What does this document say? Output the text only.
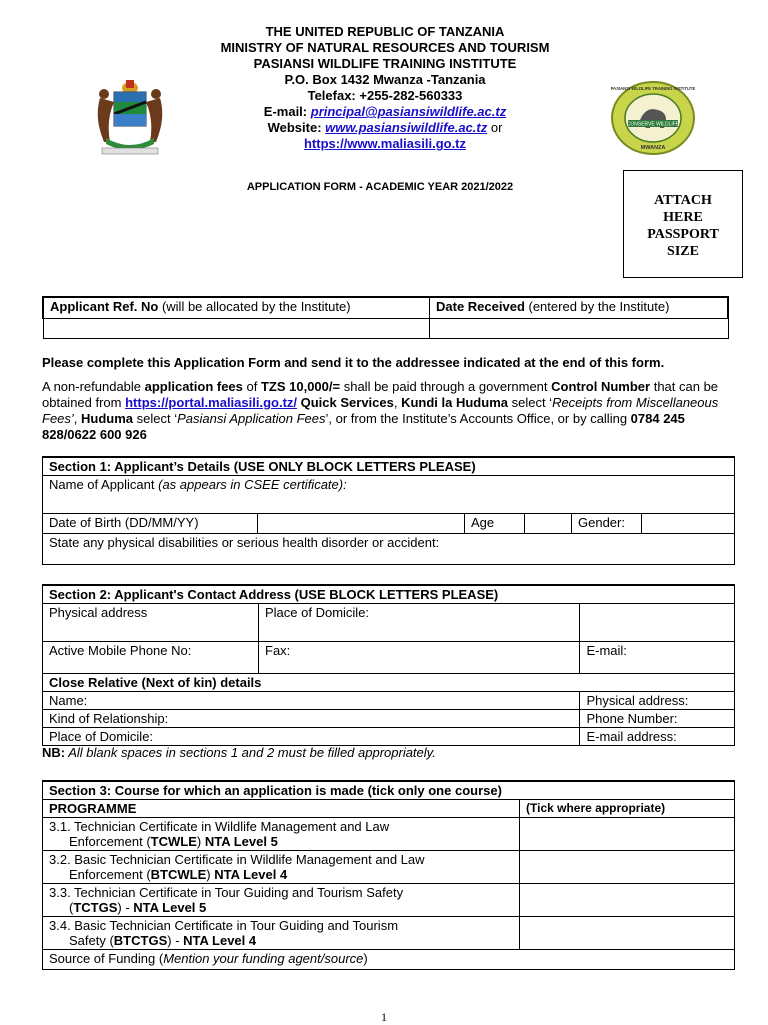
CONSERVE WILDLIFE
MWANZA
PASIANSI WILDLIFE TRAINING INSTITUTE
THE UNITED REPUBLIC OF TANZANIA
MINISTRY OF NATURAL RESOURCES AND TOURISM
PASIANSI WILDLIFE TRAINING INSTITUTE
P.O. Box 1432 Mwanza -Tanzania
Telefax: +255-282-560333
E-mail: principal@pasiansiwildlife.ac.tz
Website: www.pasiansiwildlife.ac.tz or
https://www.maliasili.go.tz
APPLICATION FORM - ACADEMIC YEAR 2021/2022
ATTACH
HERE
PASSPORT
SIZE
Applicant Ref. No (will be allocated by the Institute)	Date Received (entered by the Institute)

Please complete this Application Form and send it to the addressee indicated at the end of this form.

A non-refundable application fees of TZS 10,000/= shall be paid through a government Control Number that can be obtained from https://portal.maliasili.go.tz/ Quick Services, Kundi la Huduma select ‘Receipts from Miscellaneous Fees’, Huduma select ‘Pasiansi Application Fees’, or from the Institute’s Accounts Office, or by calling 0784 245 828/0622 600 926

Section 1: Applicant’s Details (USE ONLY BLOCK LETTERS PLEASE)
Name of Applicant (as appears in CSEE certificate):
Date of Birth (DD/MM/YY)		Age		Gender:	
State any physical disabilities or serious health disorder or accident:
Section 2: Applicant's Contact Address (USE BLOCK LETTERS PLEASE)		
Physical address	Place of Domicile:	
Active Mobile Phone No:	Fax:	E-mail:
Close Relative (Next of kin) details		
Name:		Physical address:
Kind of Relationship:		Phone Number:
Place of Domicile:		E-mail address:
NB: All blank spaces in sections 1 and 2 must be filled appropriately.
Section 3: Course for which an application is made (tick only one course)	
PROGRAMME	(Tick where appropriate)

3.1. Technician Certificate in Wildlife Management and Law
Enforcement (TCWLE) NTA Level 5	

3.2. Basic Technician Certificate in Wildlife Management and Law
Enforcement (BTCWLE) NTA Level 4	

3.3. Technician Certificate in Tour Guiding and Tourism Safety
(TCTGS) - NTA Level 5	

3.4. Basic Technician Certificate in Tour Guiding and Tourism
Safety (BTCTGS) - NTA Level 4	
Source of Funding (Mention your funding agent/source)	
1
